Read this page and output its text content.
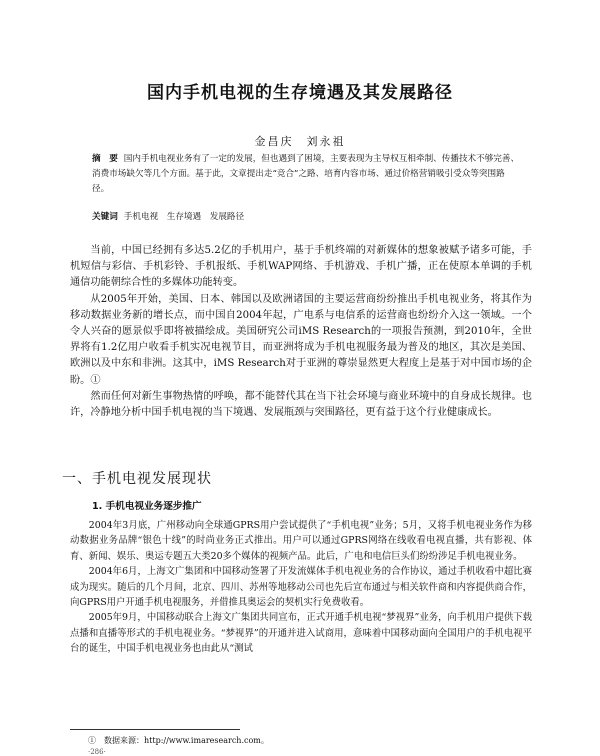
国内手机电视的生存境遇及其发展路径
金昌庆　刘永祖
摘　要 国内手机电视业务有了一定的发展，但也遇到了困境，主要表现为主导权互相牵制、传播技术不够完善、消费市场缺欠等几个方面。基于此，文章提出走“竞合”之路、培育内容市场、通过价格营销吸引受众等突围路径。
关键词 手机电视　生存境遇　发展路径

当前，中国已经拥有多达5.2亿的手机用户，基于手机终端的对新媒体的想象被赋予诸多可能，手机短信与彩信、手机彩铃、手机报纸、手机WAP网络、手机游戏、手机广播，正在使原本单调的手机通信功能朝综合性的多媒体功能转变。

从2005年开始，美国、日本、韩国以及欧洲诸国的主要运营商纷纷推出手机电视业务，将其作为移动数据业务新的增长点，而中国自2004年起，广电系与电信系的运营商也纷纷介入这一领域。一个令人兴奋的愿景似乎即将被描绘成。美国研究公司iMS Research的一项报告预测，到2010年，全世界将有1.2亿用户收看手机实况电视节目，而亚洲将成为手机电视服务最为普及的地区，其次是美国、欧洲以及中东和非洲。这其中，iMS Research对于亚洲的尊崇显然更大程度上是基于对中国市场的企盼。①

然而任何对新生事物热情的呼唤，都不能替代其在当下社会环境与商业环境中的自身成长规律。也许，冷静地分析中国手机电视的当下境遇、发展瓶颈与突围路径，更有益于这个行业健康成长。

一、手机电视发展现状
1. 手机电视业务逐步推广

2004年3月底，广州移动向全球通GPRS用户尝试提供了“手机电视”业务；5月，又将手机电视业务作为移动数据业务品牌“银色十线”的时尚业务正式推出。用户可以通过GPRS网络在线收看电视直播，共有影视、体育、新闻、娱乐、奥运专题五大类20多个媒体的视频产品。此后，广电和电信巨头们纷纷涉足手机电视业务。

2004年6月，上海文广集团和中国移动签署了开发流媒体手机电视业务的合作协议，通过手机收看中超比赛成为现实。随后的几个月间，北京、四川、苏州等地移动公司也先后宣布通过与相关软件商和内容提供商合作，向GPRS用户开通手机电视服务，并借推具奥运会的契机实行免费收看。

2005年9月，中国移动联合上海文广集团共同宣布，正式开通手机电视“梦视界”业务，向手机用户提供下载点播和直播等形式的手机电视业务。“梦视界”的开通并进入试商用，意味着中国移动面向全国用户的手机电视平台的诞生，中国手机电视业务也由此从“测试

①　数据来源：http://www.imaresearch.com。
·286·
